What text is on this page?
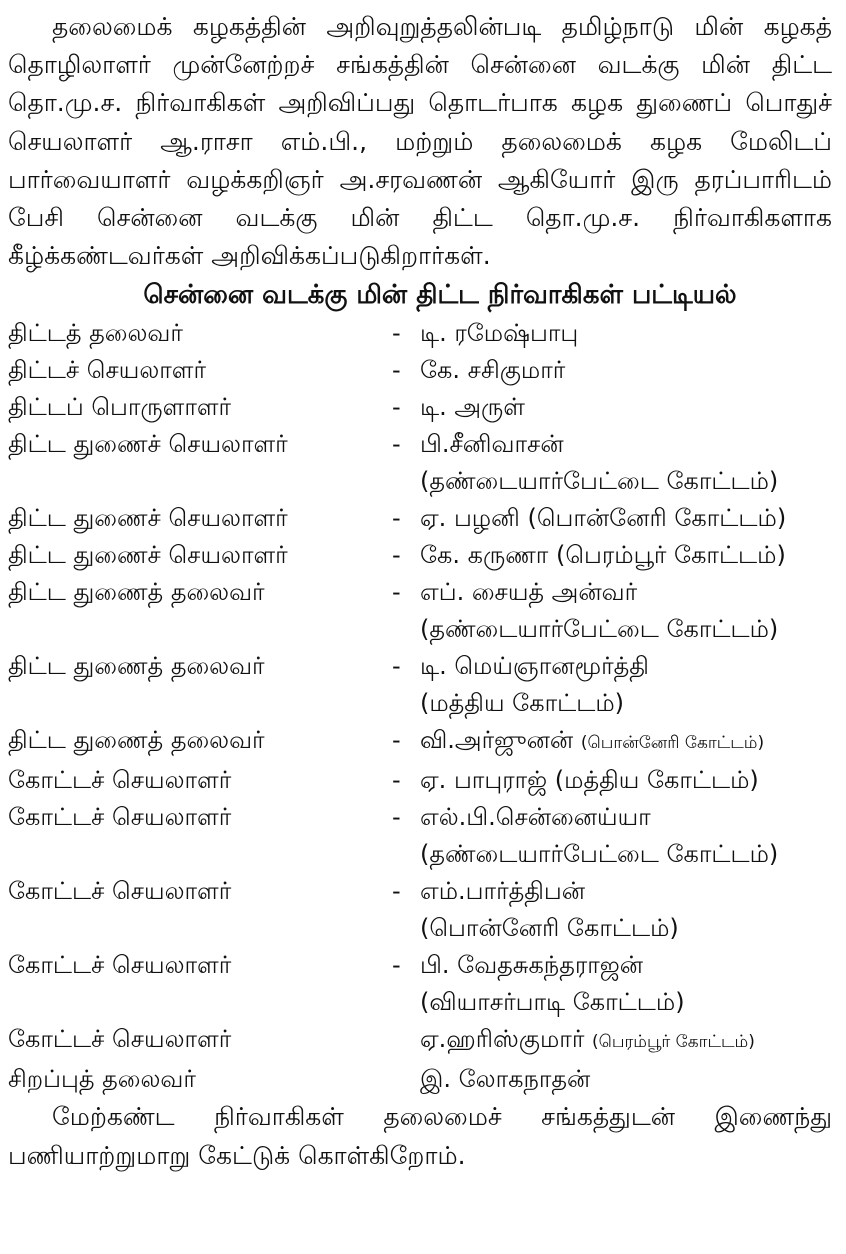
தலைமைக் கழகத்தின் அறிவுறுத்தலின்படி தமிழ்நாடு மின் கழகத் தொழிலாளர் முன்னேற்றச் சங்கத்தின் சென்னை வடக்கு மின் திட்ட தொ.மு.ச. நிர்வாகிகள் அறிவிப்பது தொடர்பாக கழக துணைப் பொதுச் செயலாளர் ஆ.ராசா எம்.பி., மற்றும் தலைமைக் கழக மேலிடப் பார்வையாளர் வழக்கறிஞர் அ.சரவணன் ஆகியோர் இரு தரப்பாரிடம் பேசி சென்னை வடக்கு மின் திட்ட தொ.மு.ச. நிர்வாகிகளாக கீழ்க்கண்டவர்கள் அறிவிக்கப்படுகிறார்கள்.

சென்னை வடக்கு மின் திட்ட நிர்வாகிகள் பட்டியல்

திட்டத் தலைவர்	- டி. ரமேஷ்பாபு
திட்டச் செயலாளர்	- கே. சசிகுமார்
திட்டப் பொருளாளர்	- டி. அருள்
திட்ட துணைச் செயலாளர்	- பி.சீனிவாசன்
(தண்டையார்பேட்டை கோட்டம்)
திட்ட துணைச் செயலாளர்	- ஏ. பழனி (பொன்னேரி கோட்டம்)
திட்ட துணைச் செயலாளர்	- கே. கருணா (பெரம்பூர் கோட்டம்)
திட்ட துணைத் தலைவர்	- எப். சையத் அன்வர்
(தண்டையார்பேட்டை கோட்டம்)
திட்ட துணைத் தலைவர்	- டி. மெய்ஞானமூர்த்தி
(மத்திய கோட்டம்)
திட்ட துணைத் தலைவர்	- வி.அர்ஜுனன் (பொன்னேரி கோட்டம்)
கோட்டச் செயலாளர்	- ஏ. பாபுராஜ் (மத்திய கோட்டம்)
கோட்டச் செயலாளர்	- எல்.பி.சென்னைய்யா
(தண்டையார்பேட்டை கோட்டம்)
கோட்டச் செயலாளர்	- எம்.பார்த்திபன்
(பொன்னேரி கோட்டம்)
கோட்டச் செயலாளர்	- பி. வேதசுகந்தராஜன்
(வியாசர்பாடி கோட்டம்)
கோட்டச் செயலாளர்	ஏ.ஹரிஸ்குமார் (பெரம்பூர் கோட்டம்)
சிறப்புத் தலைவர்	இ. லோகநாதன்

மேற்கண்ட நிர்வாகிகள் தலைமைச் சங்கத்துடன் இணைந்து பணியாற்றுமாறு கேட்டுக் கொள்கிறோம்.
